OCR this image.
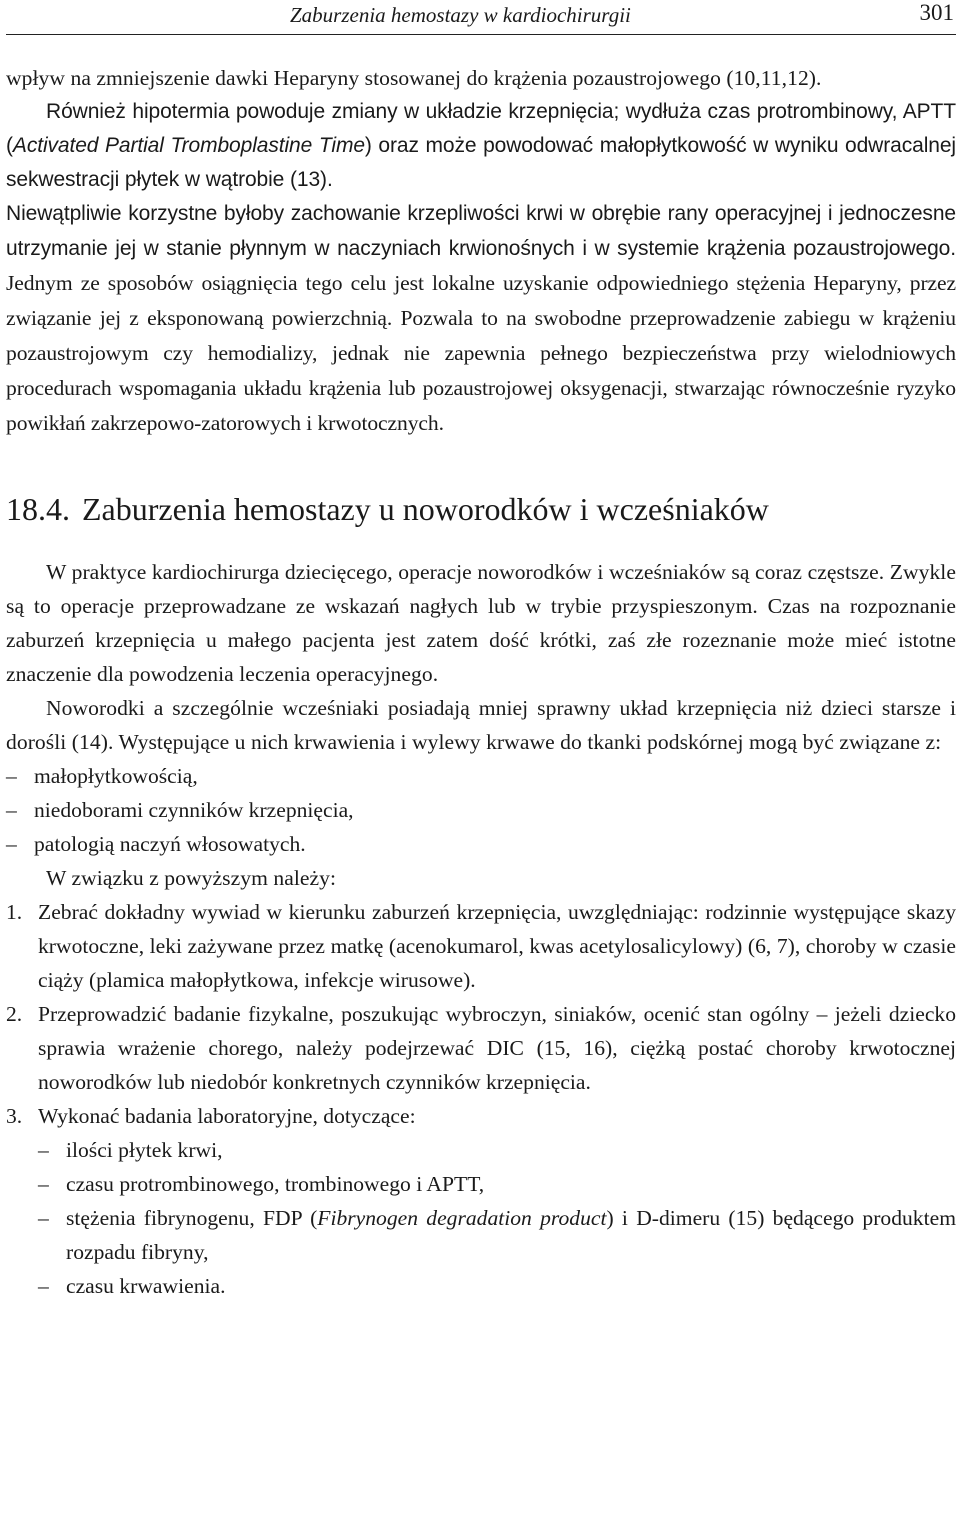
Zaburzenia hemostazy w kardiochirurgii	301

wpływ na zmniejszenie dawki Heparyny stosowanej do krążenia pozaustrojowego (10,11,12).

Również hipotermia powoduje zmiany w układzie krzepnięcia; wydłuża czas protrombinowy, APTT (Activated Partial Tromboplastine Time) oraz może powodować małopłytkowość w wyniku odwracalnej sekwestracji płytek w wątrobie (13).
Niewątpliwie korzystne byłoby zachowanie krzepliwości krwi w obrębie rany operacyjnej i jednoczesne utrzymanie jej w stanie płynnym w naczyniach krwionośnych i w systemie krążenia pozaustrojowego. Jednym ze sposobów osiągnięcia tego celu jest lokalne uzyskanie odpowiedniego stężenia Heparyny, przez związanie jej z eksponowaną powierzchnią. Pozwala to na swobodne przeprowadzenie zabiegu w krążeniu pozaustrojowym czy hemodializy, jednak nie zapewnia pełnego bezpieczeństwa przy wielodniowych procedurach wspomagania układu krążenia lub pozaustrojowej oksygenacji, stwarzając równocześnie ryzyko powikłań zakrzepowo-zatorowych i krwotocznych.

18.4. Zaburzenia hemostazy u noworodków i wcześniaków

W praktyce kardiochirurga dziecięcego, operacje noworodków i wcześniaków są coraz częstsze. Zwykle są to operacje przeprowadzane ze wskazań nagłych lub w trybie przyspieszonym. Czas na rozpoznanie zaburzeń krzepnięcia u małego pacjenta jest zatem dość krótki, zaś złe rozeznanie może mieć istotne znaczenie dla powodzenia leczenia operacyjnego.

Noworodki a szczególnie wcześniaki posiadają mniej sprawny układ krzepnięcia niż dzieci starsze i dorośli (14). Występujące u nich krwawienia i wylewy krwawe do tkanki podskórnej mogą być związane z:

– małopłytkowością,
– niedoborami czynników krzepnięcia,
– patologią naczyń włosowatych.

W związku z powyższym należy:

1. Zebrać dokładny wywiad w kierunku zaburzeń krzepnięcia, uwzględniając: rodzinnie występujące skazy krwotoczne, leki zażywane przez matkę (acenokumarol, kwas acetylosalicylowy) (6, 7), choroby w czasie ciąży (plamica małopłytkowa, infekcje wirusowe).
2. Przeprowadzić badanie fizykalne, poszukując wybroczyn, siniaków, ocenić stan ogólny – jeżeli dziecko sprawia wrażenie chorego, należy podejrzewać DIC (15, 16), ciężką postać choroby krwotocznej noworodków lub niedobór konkretnych czynników krzepnięcia.
3. Wykonać badania laboratoryjne, dotyczące:
– ilości płytek krwi,
– czasu protrombinowego, trombinowego i APTT,
– stężenia fibrynogenu, FDP (Fibrynogen degradation product) i D-dimeru (15) będącego produktem rozpadu fibryny,
– czasu krwawienia.
